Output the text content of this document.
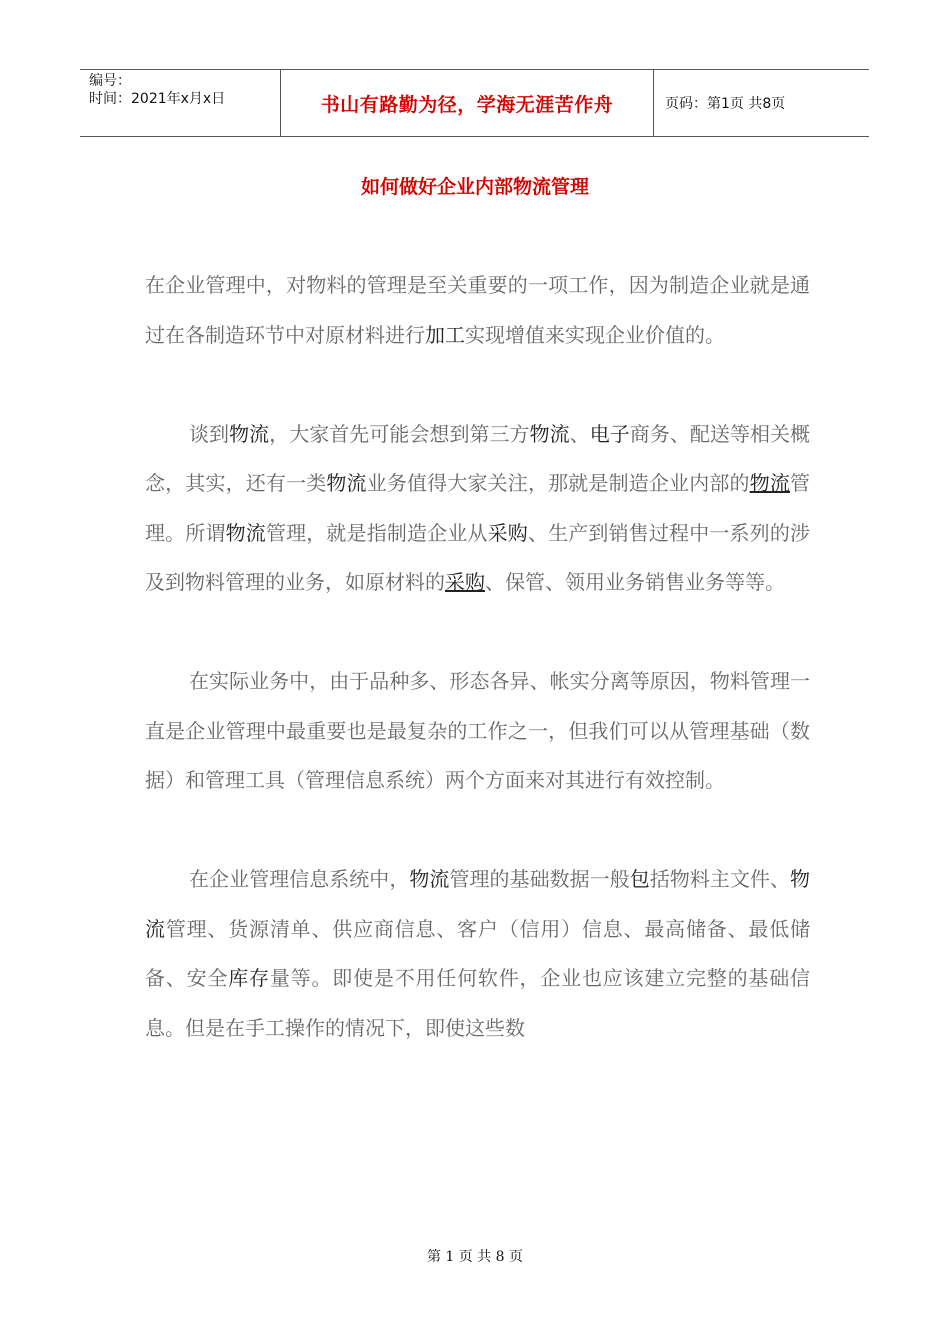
编号：
时间：2021年x月x日	书山有路勤为径，学海无涯苦作舟	页码：第1页 共8页
如何做好企业内部物流管理

在企业管理中，对物料的管理是至关重要的一项工作，因为制造企业就是通过在各制造环节中对原材料进行加工实现增值来实现企业价值的。

谈到物流，大家首先可能会想到第三方物流、电子商务、配送等相关概念，其实，还有一类物流业务值得大家关注，那就是制造企业内部的物流管理。所谓物流管理，就是指制造企业从采购、生产到销售过程中一系列的涉及到物料管理的业务，如原材料的采购、保管、领用业务销售业务等等。

在实际业务中，由于品种多、形态各异、帐实分离等原因，物料管理一直是企业管理中最重要也是最复杂的工作之一，但我们可以从管理基础（数据）和管理工具（管理信息系统）两个方面来对其进行有效控制。

在企业管理信息系统中，物流管理的基础数据一般包括物料主文件、物流管理、货源清单、供应商信息、客户（信用）信息、最高储备、最低储备、安全库存量等。即使是不用任何软件，企业也应该建立完整的基础信息。但是在手工操作的情况下，即使这些数

第 1 页 共 8 页
